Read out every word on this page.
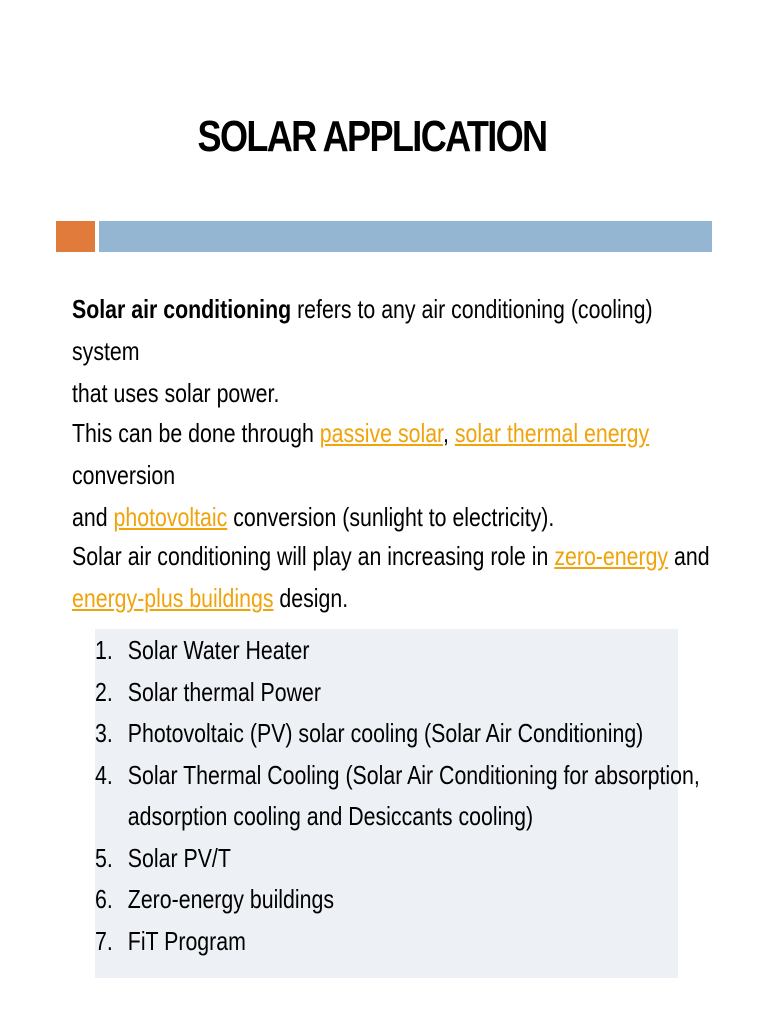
SOLAR APPLICATION
Solar air conditioning refers to any air conditioning (cooling) system
that uses solar power.
This can be done through passive solar, solar thermal energy conversion
and photovoltaic conversion (sunlight to electricity).
Solar air conditioning will play an increasing role in zero-energy and
energy-plus buildings design.
1. Solar Water Heater
2. Solar thermal Power
3. Photovoltaic (PV) solar cooling (Solar Air Conditioning)
4. Solar Thermal Cooling (Solar Air Conditioning for absorption,
adsorption cooling and Desiccants cooling)
5. Solar PV/T
6. Zero-energy buildings
7. FiT Program
